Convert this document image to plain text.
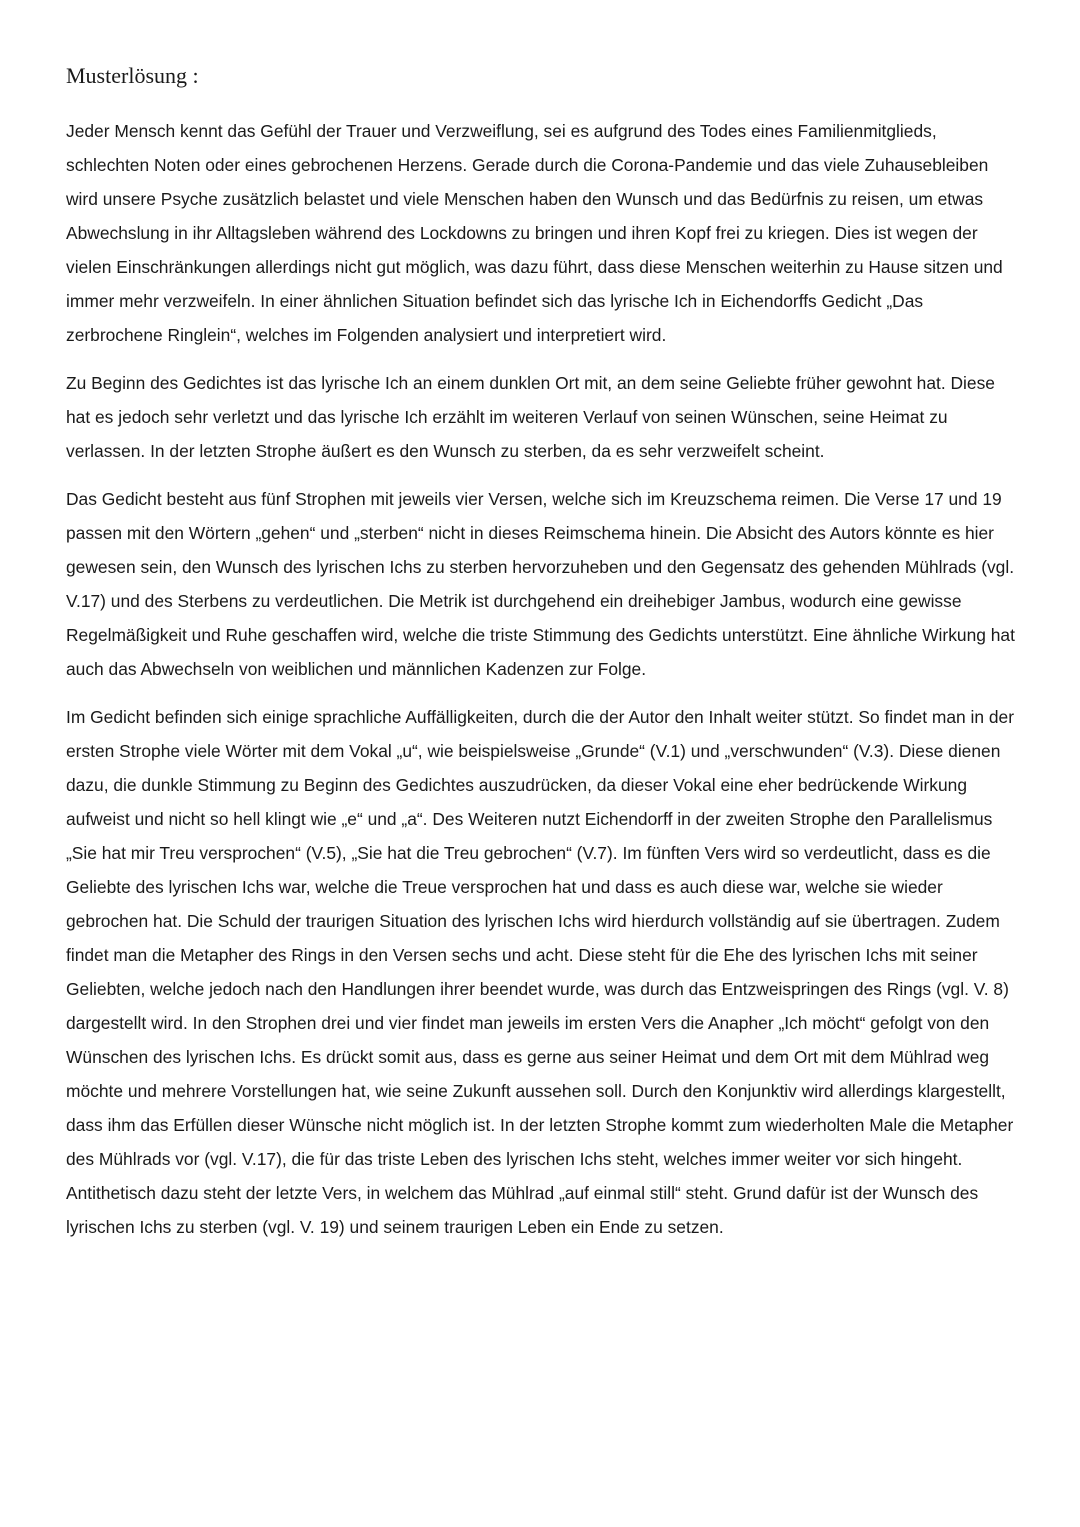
Musterlösung :

Jeder Mensch kennt das Gefühl der Trauer und Verzweiflung, sei es aufgrund des Todes eines Familienmitglieds, schlechten Noten oder eines gebrochenen Herzens. Gerade durch die Corona-Pandemie und das viele Zuhausebleiben wird unsere Psyche zusätzlich belastet und viele Menschen haben den Wunsch und das Bedürfnis zu reisen, um etwas Abwechslung in ihr Alltagsleben während des Lockdowns zu bringen und ihren Kopf frei zu kriegen. Dies ist wegen der vielen Einschränkungen allerdings nicht gut möglich, was dazu führt, dass diese Menschen weiterhin zu Hause sitzen und immer mehr verzweifeln. In einer ähnlichen Situation befindet sich das lyrische Ich in Eichendorffs Gedicht „Das zerbrochene Ringlein“, welches im Folgenden analysiert und interpretiert wird.

Zu Beginn des Gedichtes ist das lyrische Ich an einem dunklen Ort mit, an dem seine Geliebte früher gewohnt hat. Diese hat es jedoch sehr verletzt und das lyrische Ich erzählt im weiteren Verlauf von seinen Wünschen, seine Heimat zu verlassen. In der letzten Strophe äußert es den Wunsch zu sterben, da es sehr verzweifelt scheint.

Das Gedicht besteht aus fünf Strophen mit jeweils vier Versen, welche sich im Kreuzschema reimen. Die Verse 17 und 19 passen mit den Wörtern „gehen“ und „sterben“ nicht in dieses Reimschema hinein. Die Absicht des Autors könnte es hier gewesen sein, den Wunsch des lyrischen Ichs zu sterben hervorzuheben und den Gegensatz des gehenden Mühlrads (vgl. V.17) und des Sterbens zu verdeutlichen. Die Metrik ist durchgehend ein dreihebiger Jambus, wodurch eine gewisse Regelmäßigkeit und Ruhe geschaffen wird, welche die triste Stimmung des Gedichts unterstützt. Eine ähnliche Wirkung hat auch das Abwechseln von weiblichen und männlichen Kadenzen zur Folge.

Im Gedicht befinden sich einige sprachliche Auffälligkeiten, durch die der Autor den Inhalt weiter stützt. So findet man in der ersten Strophe viele Wörter mit dem Vokal „u“, wie beispielsweise „Grunde“ (V.1) und „verschwunden“ (V.3). Diese dienen dazu, die dunkle Stimmung zu Beginn des Gedichtes auszudrücken, da dieser Vokal eine eher bedrückende Wirkung aufweist und nicht so hell klingt wie „e“ und „a“. Des Weiteren nutzt Eichendorff in der zweiten Strophe den Parallelismus „Sie hat mir Treu versprochen“ (V.5), „Sie hat die Treu gebrochen“ (V.7). Im fünften Vers wird so verdeutlicht, dass es die Geliebte des lyrischen Ichs war, welche die Treue versprochen hat und dass es auch diese war, welche sie wieder gebrochen hat. Die Schuld der traurigen Situation des lyrischen Ichs wird hierdurch vollständig auf sie übertragen. Zudem findet man die Metapher des Rings in den Versen sechs und acht. Diese steht für die Ehe des lyrischen Ichs mit seiner Geliebten, welche jedoch nach den Handlungen ihrer beendet wurde, was durch das Entzweispringen des Rings (vgl. V. 8) dargestellt wird. In den Strophen drei und vier findet man jeweils im ersten Vers die Anapher „Ich möcht“ gefolgt von den Wünschen des lyrischen Ichs. Es drückt somit aus, dass es gerne aus seiner Heimat und dem Ort mit dem Mühlrad weg möchte und mehrere Vorstellungen hat, wie seine Zukunft aussehen soll. Durch den Konjunktiv wird allerdings klargestellt, dass ihm das Erfüllen dieser Wünsche nicht möglich ist. In der letzten Strophe kommt zum wiederholten Male die Metapher des Mühlrads vor (vgl. V.17), die für das triste Leben des lyrischen Ichs steht, welches immer weiter vor sich hingeht. Antithetisch dazu steht der letzte Vers, in welchem das Mühlrad „auf einmal still“ steht. Grund dafür ist der Wunsch des lyrischen Ichs zu sterben (vgl. V. 19) und seinem traurigen Leben ein Ende zu setzen.
